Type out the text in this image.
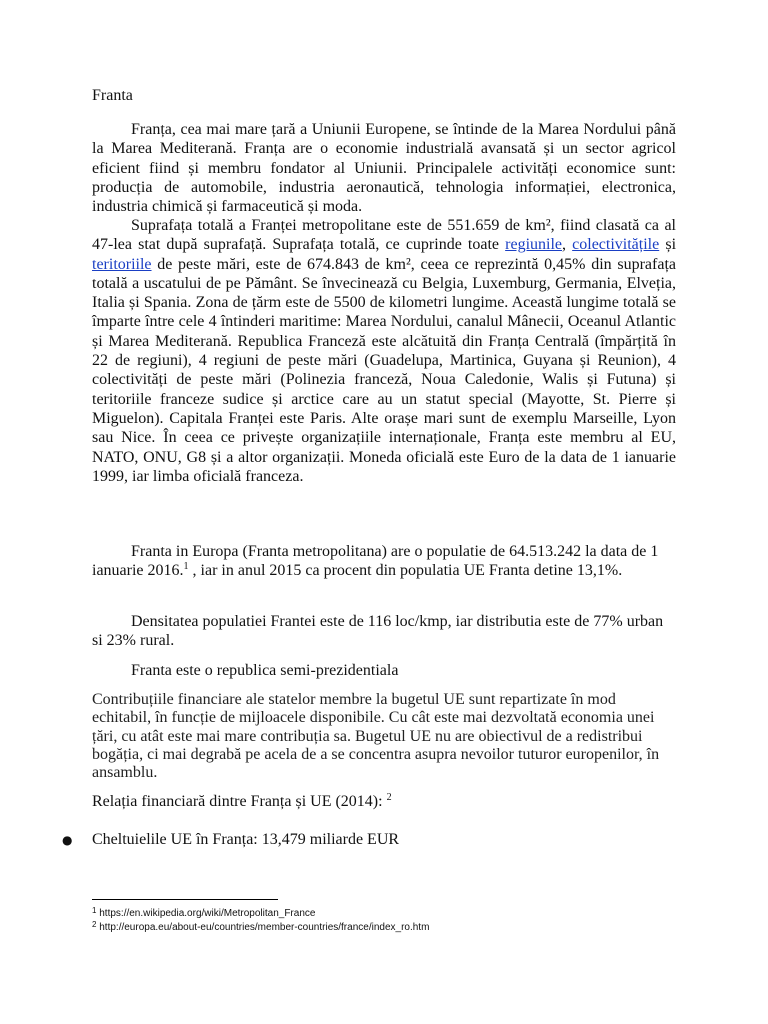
Franta
Franța, cea mai mare țară a Uniunii Europene, se întinde de la Marea Nordului până la Marea Mediterană. Franța are o economie industrială avansată și un sector agricol eficient fiind și membru fondator al Uniunii. Principalele activități economice sunt: producția de automobile, industria aeronautică, tehnologia informației, electronica, industria chimică și farmaceutică și moda.
Suprafața totală a Franței metropolitane este de 551.659 de km², fiind clasată ca al 47-lea stat după suprafață. Suprafața totală, ce cuprinde toate regiunile, colectivitățile și teritoriile de peste mări, este de 674.843 de km², ceea ce reprezintă 0,45% din suprafața totală a uscatului de pe Pământ. Se învecinează cu Belgia, Luxemburg, Germania, Elveția, Italia și Spania. Zona de țărm este de 5500 de kilometri lungime. Această lungime totală se împarte între cele 4 întinderi maritime: Marea Nordului, canalul Mânecii, Oceanul Atlantic și Marea Mediterană. Republica Franceză este alcătuită din Franța Centrală (împărțită în 22 de regiuni), 4 regiuni de peste mări (Guadelupa, Martinica, Guyana și Reunion), 4 colectivități de peste mări (Polinezia franceză, Noua Caledonie, Walis și Futuna) și teritoriile franceze sudice și arctice care au un statut special (Mayotte, St. Pierre și Miguelon). Capitala Franței este Paris. Alte orașe mari sunt de exemplu Marseille, Lyon sau Nice. În ceea ce privește organizațiile internaționale, Franța este membru al EU, NATO, ONU, G8 și a altor organizații. Moneda oficială este Euro de la data de 1 ianuarie 1999, iar limba oficială franceza.
Franta in Europa (Franta metropolitana) are o populatie de 64.513.242 la data de 1 ianuarie 2016.$^1$ , iar in anul 2015 ca procent din populatia UE Franta detine 13,1%.
Densitatea populatiei Frantei este de 116 loc/kmp, iar distributia este de 77% urban si 23% rural.
Franta este o republica semi-prezidentiala
Contribuțiile financiare ale statelor membre la bugetul UE sunt repartizate în mod echitabil, în funcție de mijloacele disponibile. Cu cât este mai dezvoltată economia unei țări, cu atât este mai mare contribuția sa. Bugetul UE nu are obiectivul de a redistribui bogăția, ci mai degrabă pe acela de a se concentra asupra nevoilor tuturor europenilor, în ansamblu.
Relația financiară dintre Franța și UE (2014): $^2$
● Cheltuielile UE în Franța: 13,479 miliarde EUR
$^1$ https://en.wikipedia.org/wiki/Metropolitan_France
$^2$ http://europa.eu/about-eu/countries/member-countries/france/index_ro.htm
